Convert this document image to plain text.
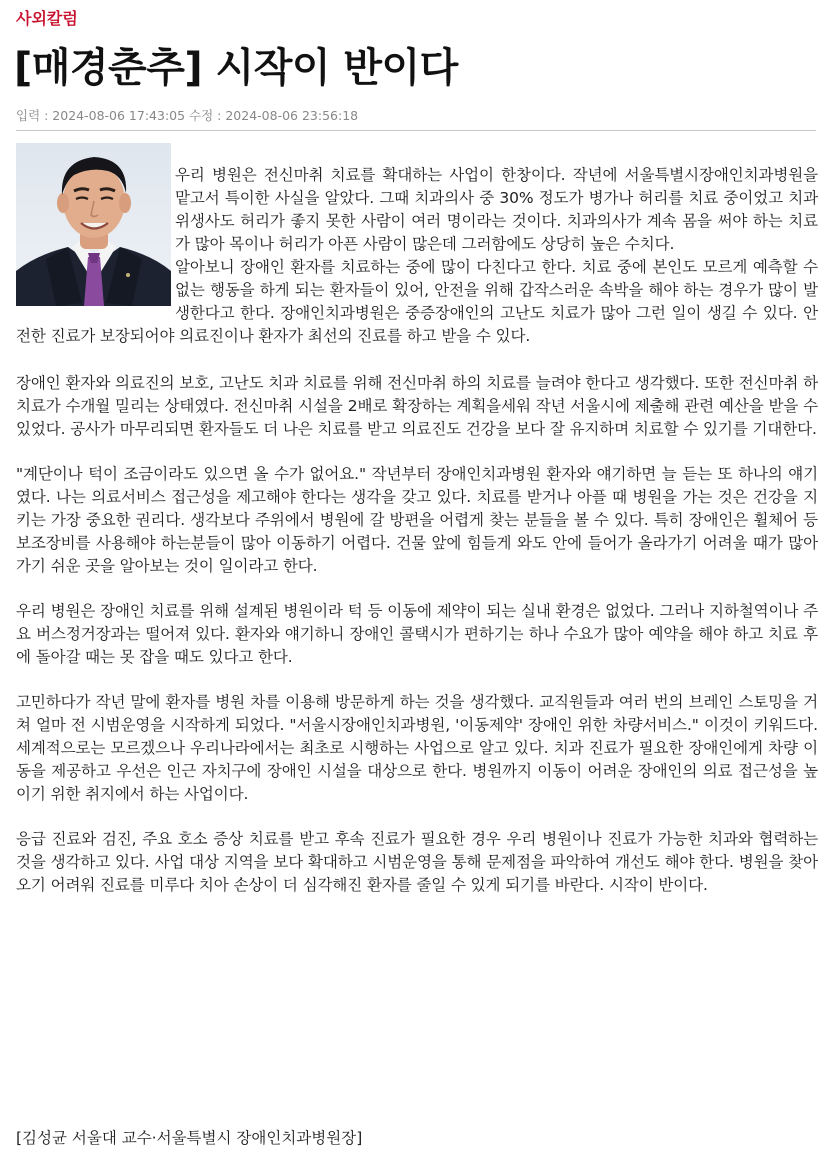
사외칼럼
[매경춘추] 시작이 반이다
입력 : 2024-08-06 17:43:05 수정 : 2024-08-06 23:56:18

우리 병원은 전신마취 치료를 확대하는 사업이 한창이다. 작년에 서울특별시장애인치과병원을 맡고서 특이한 사실을 알았다. 그때 치과의사 중 30% 정도가 병가나 허리를 치료 중이었고 치과위생사도 허리가 좋지 못한 사람이 여러 명이라는 것이다. 치과의사가 계속 몸을 써야 하는 치료가 많아 목이나 허리가 아픈 사람이 많은데 그러함에도 상당히 높은 수치다.

알아보니 장애인 환자를 치료하는 중에 많이 다친다고 한다. 치료 중에 본인도 모르게 예측할 수 없는 행동을 하게 되는 환자들이 있어, 안전을 위해 갑작스러운 속박을 해야 하는 경우가 많이 발생한다고 한다. 장애인치과병원은 중증장애인의 고난도 치료가 많아 그런 일이 생길 수 있다. 안전한 진료가 보장되어야 의료진이나 환자가 최선의 진료를 하고 받을 수 있다.

장애인 환자와 의료진의 보호, 고난도 치과 치료를 위해 전신마취 하의 치료를 늘려야 한다고 생각했다. 또한 전신마취 하 치료가 수개월 밀리는 상태였다. 전신마취 시설을 2배로 확장하는 계획을세워 작년 서울시에 제출해 관련 예산을 받을 수 있었다. 공사가 마무리되면 환자들도 더 나은 치료를 받고 의료진도 건강을 보다 잘 유지하며 치료할 수 있기를 기대한다.

"계단이나 턱이 조금이라도 있으면 올 수가 없어요." 작년부터 장애인치과병원 환자와 얘기하면 늘 듣는 또 하나의 얘기였다. 나는 의료서비스 접근성을 제고해야 한다는 생각을 갖고 있다. 치료를 받거나 아플 때 병원을 가는 것은 건강을 지키는 가장 중요한 권리다. 생각보다 주위에서 병원에 갈 방편을 어렵게 찾는 분들을 볼 수 있다. 특히 장애인은 휠체어 등 보조장비를 사용해야 하는분들이 많아 이동하기 어렵다. 건물 앞에 힘들게 와도 안에 들어가 올라가기 어려울 때가 많아 가기 쉬운 곳을 알아보는 것이 일이라고 한다.

우리 병원은 장애인 치료를 위해 설계된 병원이라 턱 등 이동에 제약이 되는 실내 환경은 없었다. 그러나 지하철역이나 주요 버스정거장과는 떨어져 있다. 환자와 얘기하니 장애인 콜택시가 편하기는 하나 수요가 많아 예약을 해야 하고 치료 후에 돌아갈 때는 못 잡을 때도 있다고 한다.

고민하다가 작년 말에 환자를 병원 차를 이용해 방문하게 하는 것을 생각했다. 교직원들과 여러 번의 브레인 스토밍을 거쳐 얼마 전 시범운영을 시작하게 되었다. "서울시장애인치과병원, '이동제약' 장애인 위한 차량서비스." 이것이 키워드다. 세계적으로는 모르겠으나 우리나라에서는 최초로 시행하는 사업으로 알고 있다. 치과 진료가 필요한 장애인에게 차량 이동을 제공하고 우선은 인근 자치구에 장애인 시설을 대상으로 한다. 병원까지 이동이 어려운 장애인의 의료 접근성을 높이기 위한 취지에서 하는 사업이다.

응급 진료와 검진, 주요 호소 증상 치료를 받고 후속 진료가 필요한 경우 우리 병원이나 진료가 가능한 치과와 협력하는 것을 생각하고 있다. 사업 대상 지역을 보다 확대하고 시범운영을 통해 문제점을 파악하여 개선도 해야 한다. 병원을 찾아오기 어려워 진료를 미루다 치아 손상이 더 심각해진 환자를 줄일 수 있게 되기를 바란다. 시작이 반이다.

[김성균 서울대 교수·서울특별시 장애인치과병원장]
